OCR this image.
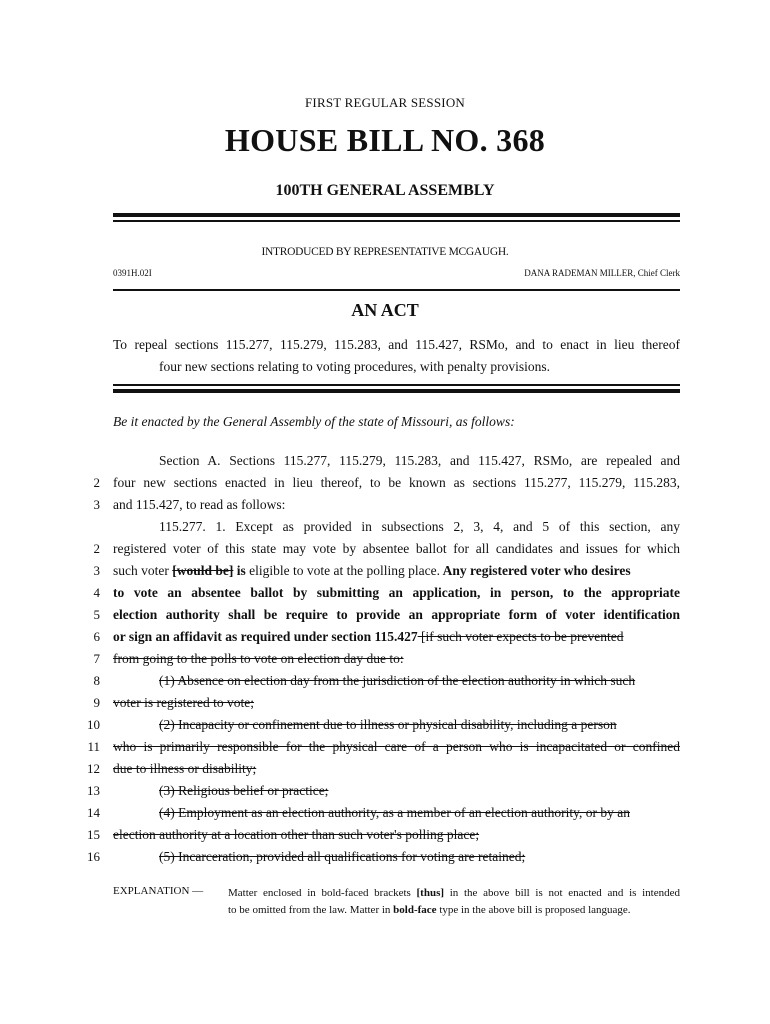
FIRST REGULAR SESSION
HOUSE BILL NO. 368
100TH GENERAL ASSEMBLY
INTRODUCED BY REPRESENTATIVE MCGAUGH.
0391H.02I	DANA RADEMAN MILLER, Chief Clerk
AN ACT
To repeal sections 115.277, 115.279, 115.283, and 115.427, RSMo, and to enact in lieu thereof
four new sections relating to voting procedures, with penalty provisions.
Be it enacted by the General Assembly of the state of Missouri, as follows:
Section A. Sections 115.277, 115.279, 115.283, and 115.427, RSMo, are repealed and
2 four new sections enacted in lieu thereof, to be known as sections 115.277, 115.279, 115.283,
3 and 115.427, to read as follows:
115.277. 1. Except as provided in subsections 2, 3, 4, and 5 of this section, any
2 registered voter of this state may vote by absentee ballot for all candidates and issues for which
3 such voter [would be] is eligible to vote at the polling place. Any registered voter who desires
4 to vote an absentee ballot by submitting an application, in person, to the appropriate
5 election authority shall be require to provide an appropriate form of voter identification
6 or sign an affidavit as required under section 115.427 [if such voter expects to be prevented
7 from going to the polls to vote on election day due to:
8	(1) Absence on election day from the jurisdiction of the election authority in which such
9 voter is registered to vote;
10	(2) Incapacity or confinement due to illness or physical disability, including a person
11 who is primarily responsible for the physical care of a person who is incapacitated or confined
12 due to illness or disability;
13	(3) Religious belief or practice;
14	(4) Employment as an election authority, as a member of an election authority, or by an
15 election authority at a location other than such voter's polling place;
16	(5) Incarceration, provided all qualifications for voting are retained;
EXPLANATION — Matter enclosed in bold-faced brackets [thus] in the above bill is not enacted and is intended
to be omitted from the law. Matter in bold-face type in the above bill is proposed language.
